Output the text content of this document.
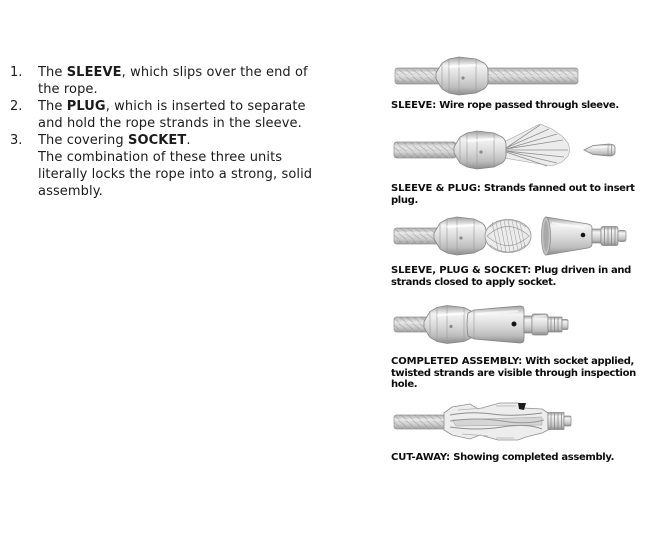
1.	The SLEEVE, which slips over the end of the rope.
2.	The PLUG, which is inserted to separate and hold the rope strands in the sleeve.
3.	The covering SOCKET.
The combination of these three units literally locks the rope into a strong, solid assembly.
SLEEVE: Wire rope passed through sleeve.
SLEEVE & PLUG: Strands fanned out to insert plug.
SLEEVE, PLUG & SOCKET: Plug driven in and strands closed to apply socket.
COMPLETED ASSEMBLY: With socket applied, twisted strands are visible through inspection hole.
CUT-AWAY: Showing completed assembly.
